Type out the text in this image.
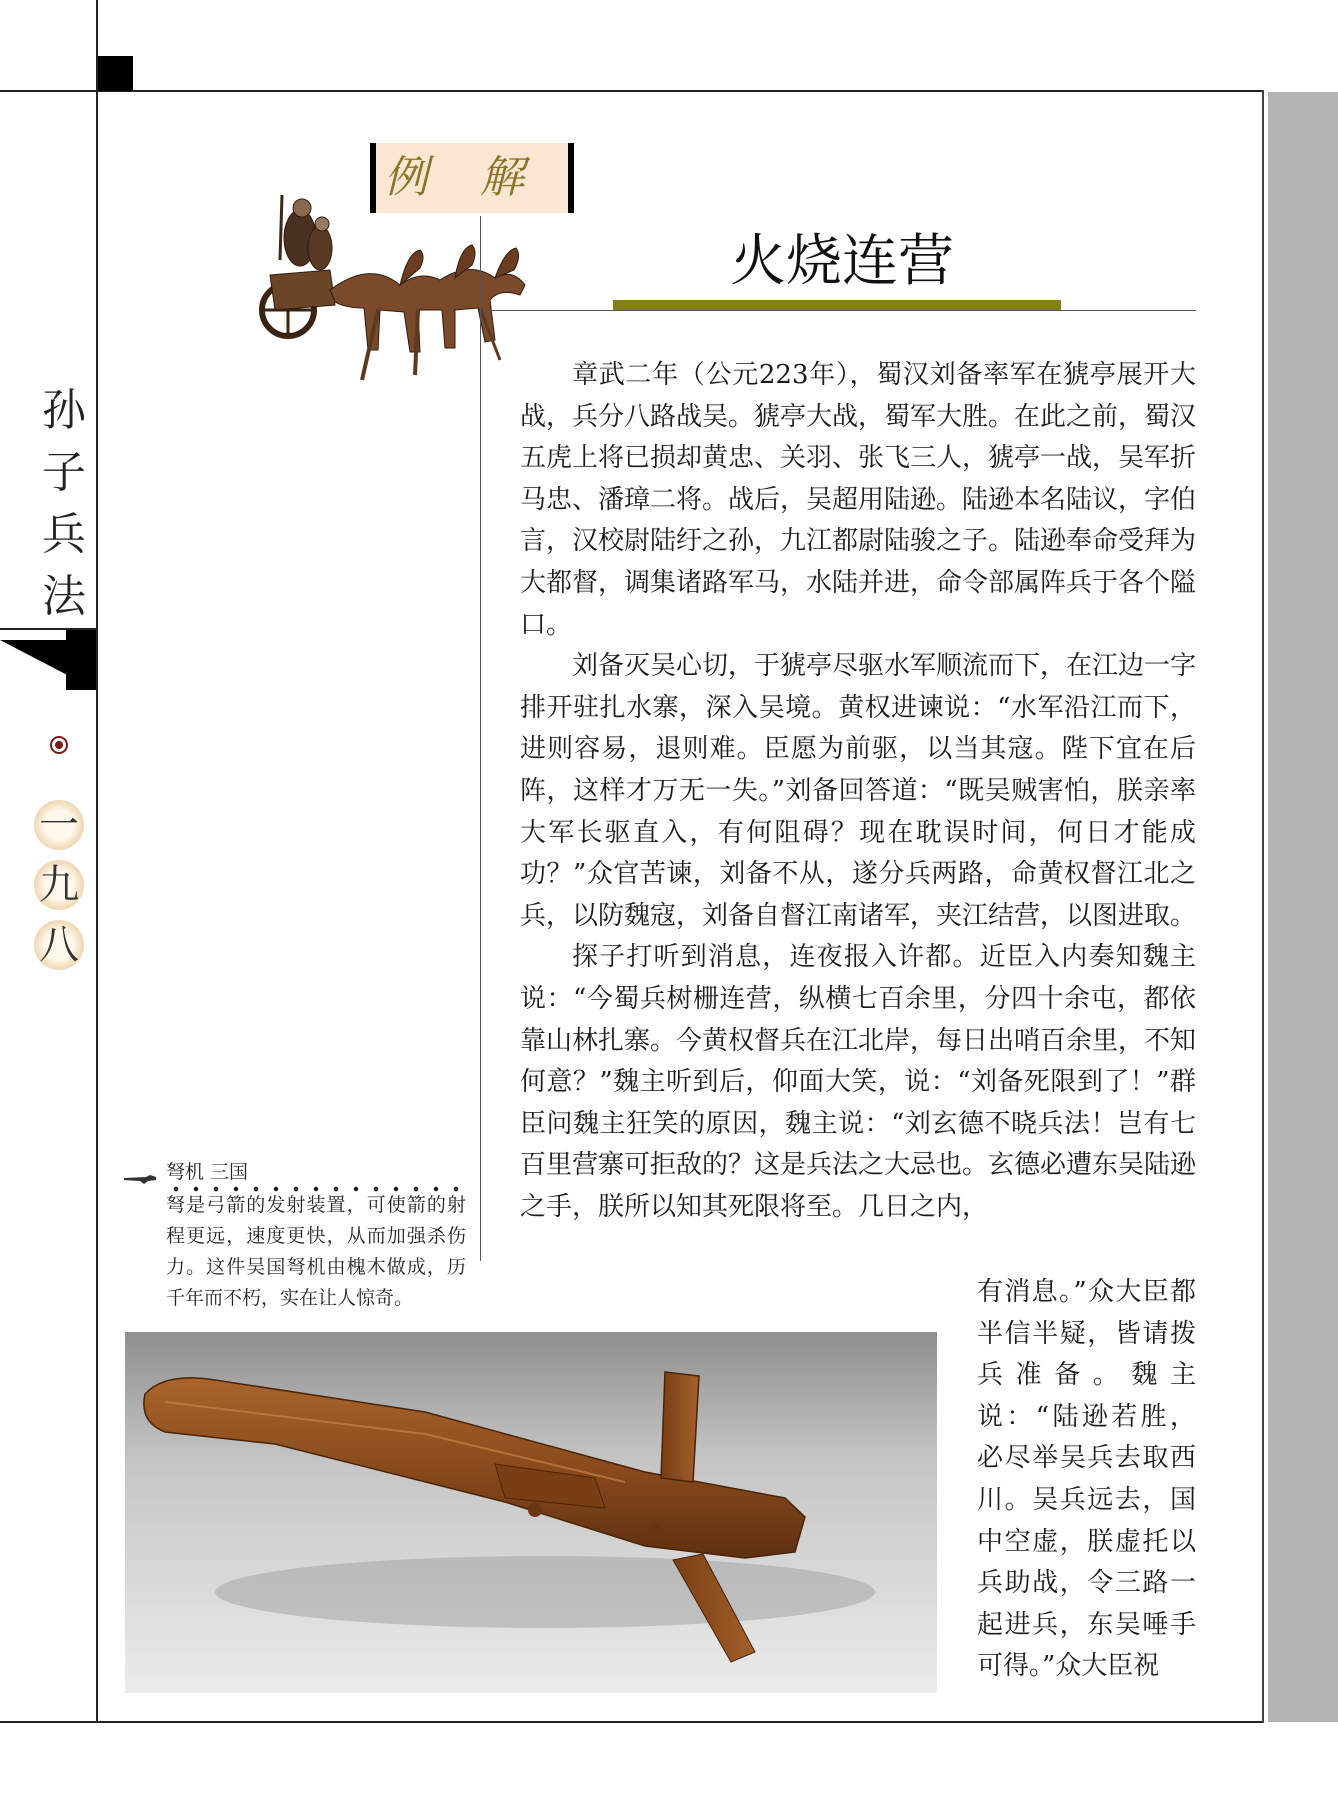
孙
子
兵
法
一
九
八
例解
火烧连营

章武二年（公元223年），蜀汉刘备率军在猇亭展开大战，兵分八路战吴。猇亭大战，蜀军大胜。在此之前，蜀汉五虎上将已损却黄忠、关羽、张飞三人，猇亭一战，吴军折马忠、潘璋二将。战后，吴超用陆逊。陆逊本名陆议，字伯言，汉校尉陆纡之孙，九江都尉陆骏之子。陆逊奉命受拜为大都督，调集诸路军马，水陆并进，命令部属阵兵于各个隘口。

刘备灭吴心切，于猇亭尽驱水军顺流而下，在江边一字排开驻扎水寨，深入吴境。黄权进谏说：“水军沿江而下，进则容易，退则难。臣愿为前驱，以当其寇。陛下宜在后阵，这样才万无一失。”刘备回答道：“既吴贼害怕，朕亲率大军长驱直入，有何阻碍？现在耽误时间，何日才能成功？”众官苦谏，刘备不从，遂分兵两路，命黄权督江北之兵，以防魏寇，刘备自督江南诸军，夹江结营，以图进取。

探子打听到消息，连夜报入许都。近臣入内奏知魏主说：“今蜀兵树栅连营，纵横七百余里，分四十余屯，都依靠山林扎寨。今黄权督兵在江北岸，每日出哨百余里，不知何意？”魏主听到后，仰面大笑，说：“刘备死限到了！”群臣问魏主狂笑的原因，魏主说：“刘玄德不晓兵法！岂有七百里营寨可拒敌的？这是兵法之大忌也。玄德必遭东吴陆逊之手，朕所以知其死限将至。几日之内，

有消息。”众大臣都半信半疑，皆请拨兵准备。魏主说：“陆逊若胜，必尽举吴兵去取西川。吴兵远去，国中空虚，朕虚托以兵助战，令三路一起进兵，东吴唾手可得。”众大臣祝

弩机 三国
弩是弓箭的发射装置，可使箭的射程更远，速度更快，从而加强杀伤力。这件吴国弩机由槐木做成，历千年而不朽，实在让人惊奇。
